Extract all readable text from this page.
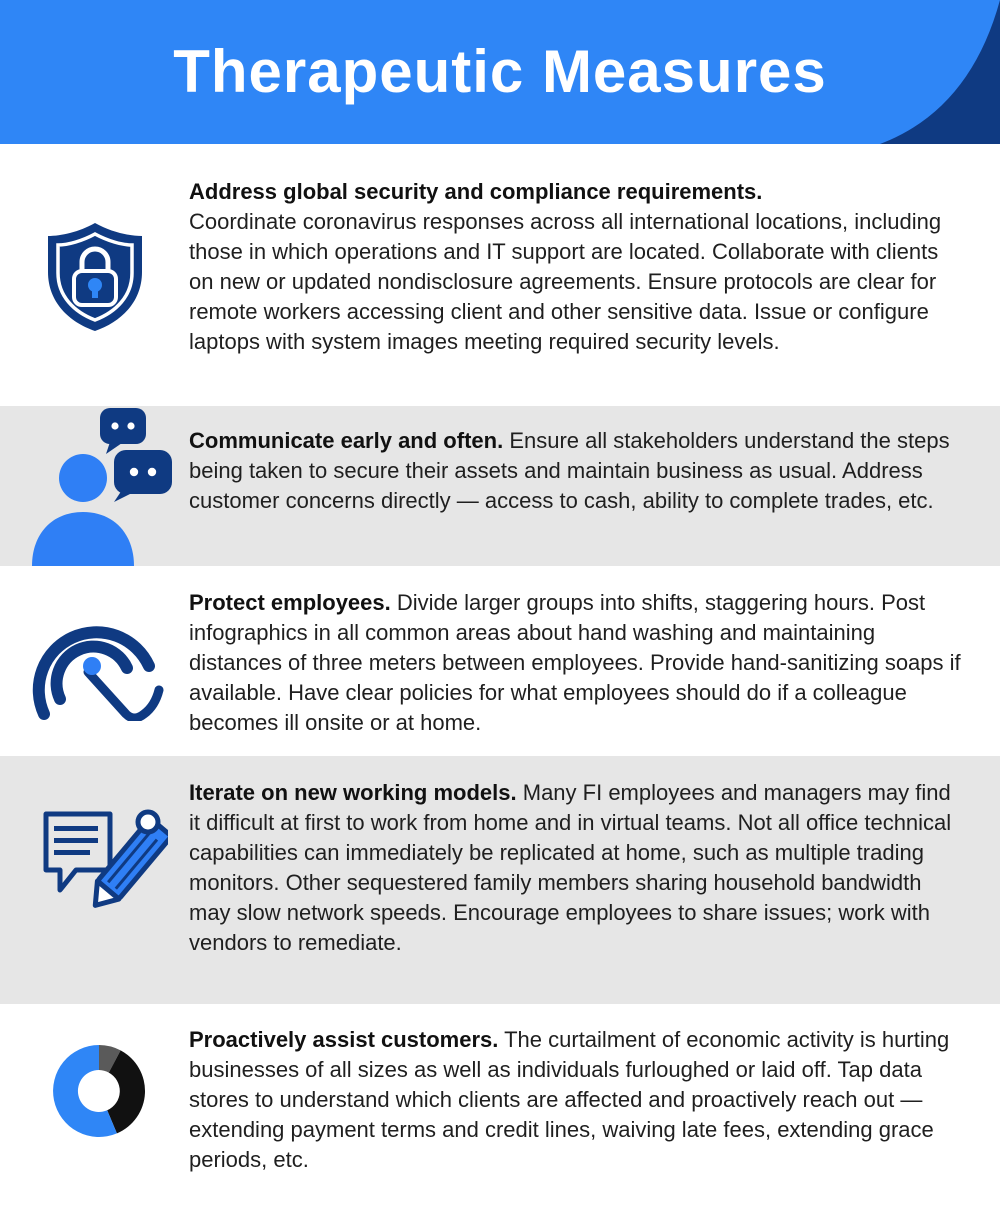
Therapeutic Measures

Address global security and compliance requirements.
Coordinate coronavirus responses across all international locations, including those in which operations and IT support are located. Collaborate with clients on new or updated nondisclosure agreements. Ensure protocols are clear for remote workers accessing client and other sensitive data. Issue or configure laptops with system images meeting required security levels.

Communicate early and often. Ensure all stakeholders understand the steps being taken to secure their assets and maintain business as usual. Address customer concerns directly — access to cash, ability to complete trades, etc.

Protect employees. Divide larger groups into shifts, staggering hours. Post infographics in all common areas about hand washing and maintaining distances of three meters between employees. Provide hand-sanitizing soaps if available. Have clear policies for what employees should do if a colleague becomes ill onsite or at home.

Iterate on new working models. Many FI employees and managers may find it difficult at first to work from home and in virtual teams. Not all office technical capabilities can immediately be replicated at home, such as multiple trading monitors. Other sequestered family members sharing household bandwidth may slow network speeds. Encourage employees to share issues; work with vendors to remediate.

Proactively assist customers. The curtailment of economic activity is hurting businesses of all sizes as well as individuals furloughed or laid off. Tap data stores to understand which clients are affected and proactively reach out — extending payment terms and credit lines, waiving late fees, extending grace periods, etc.
